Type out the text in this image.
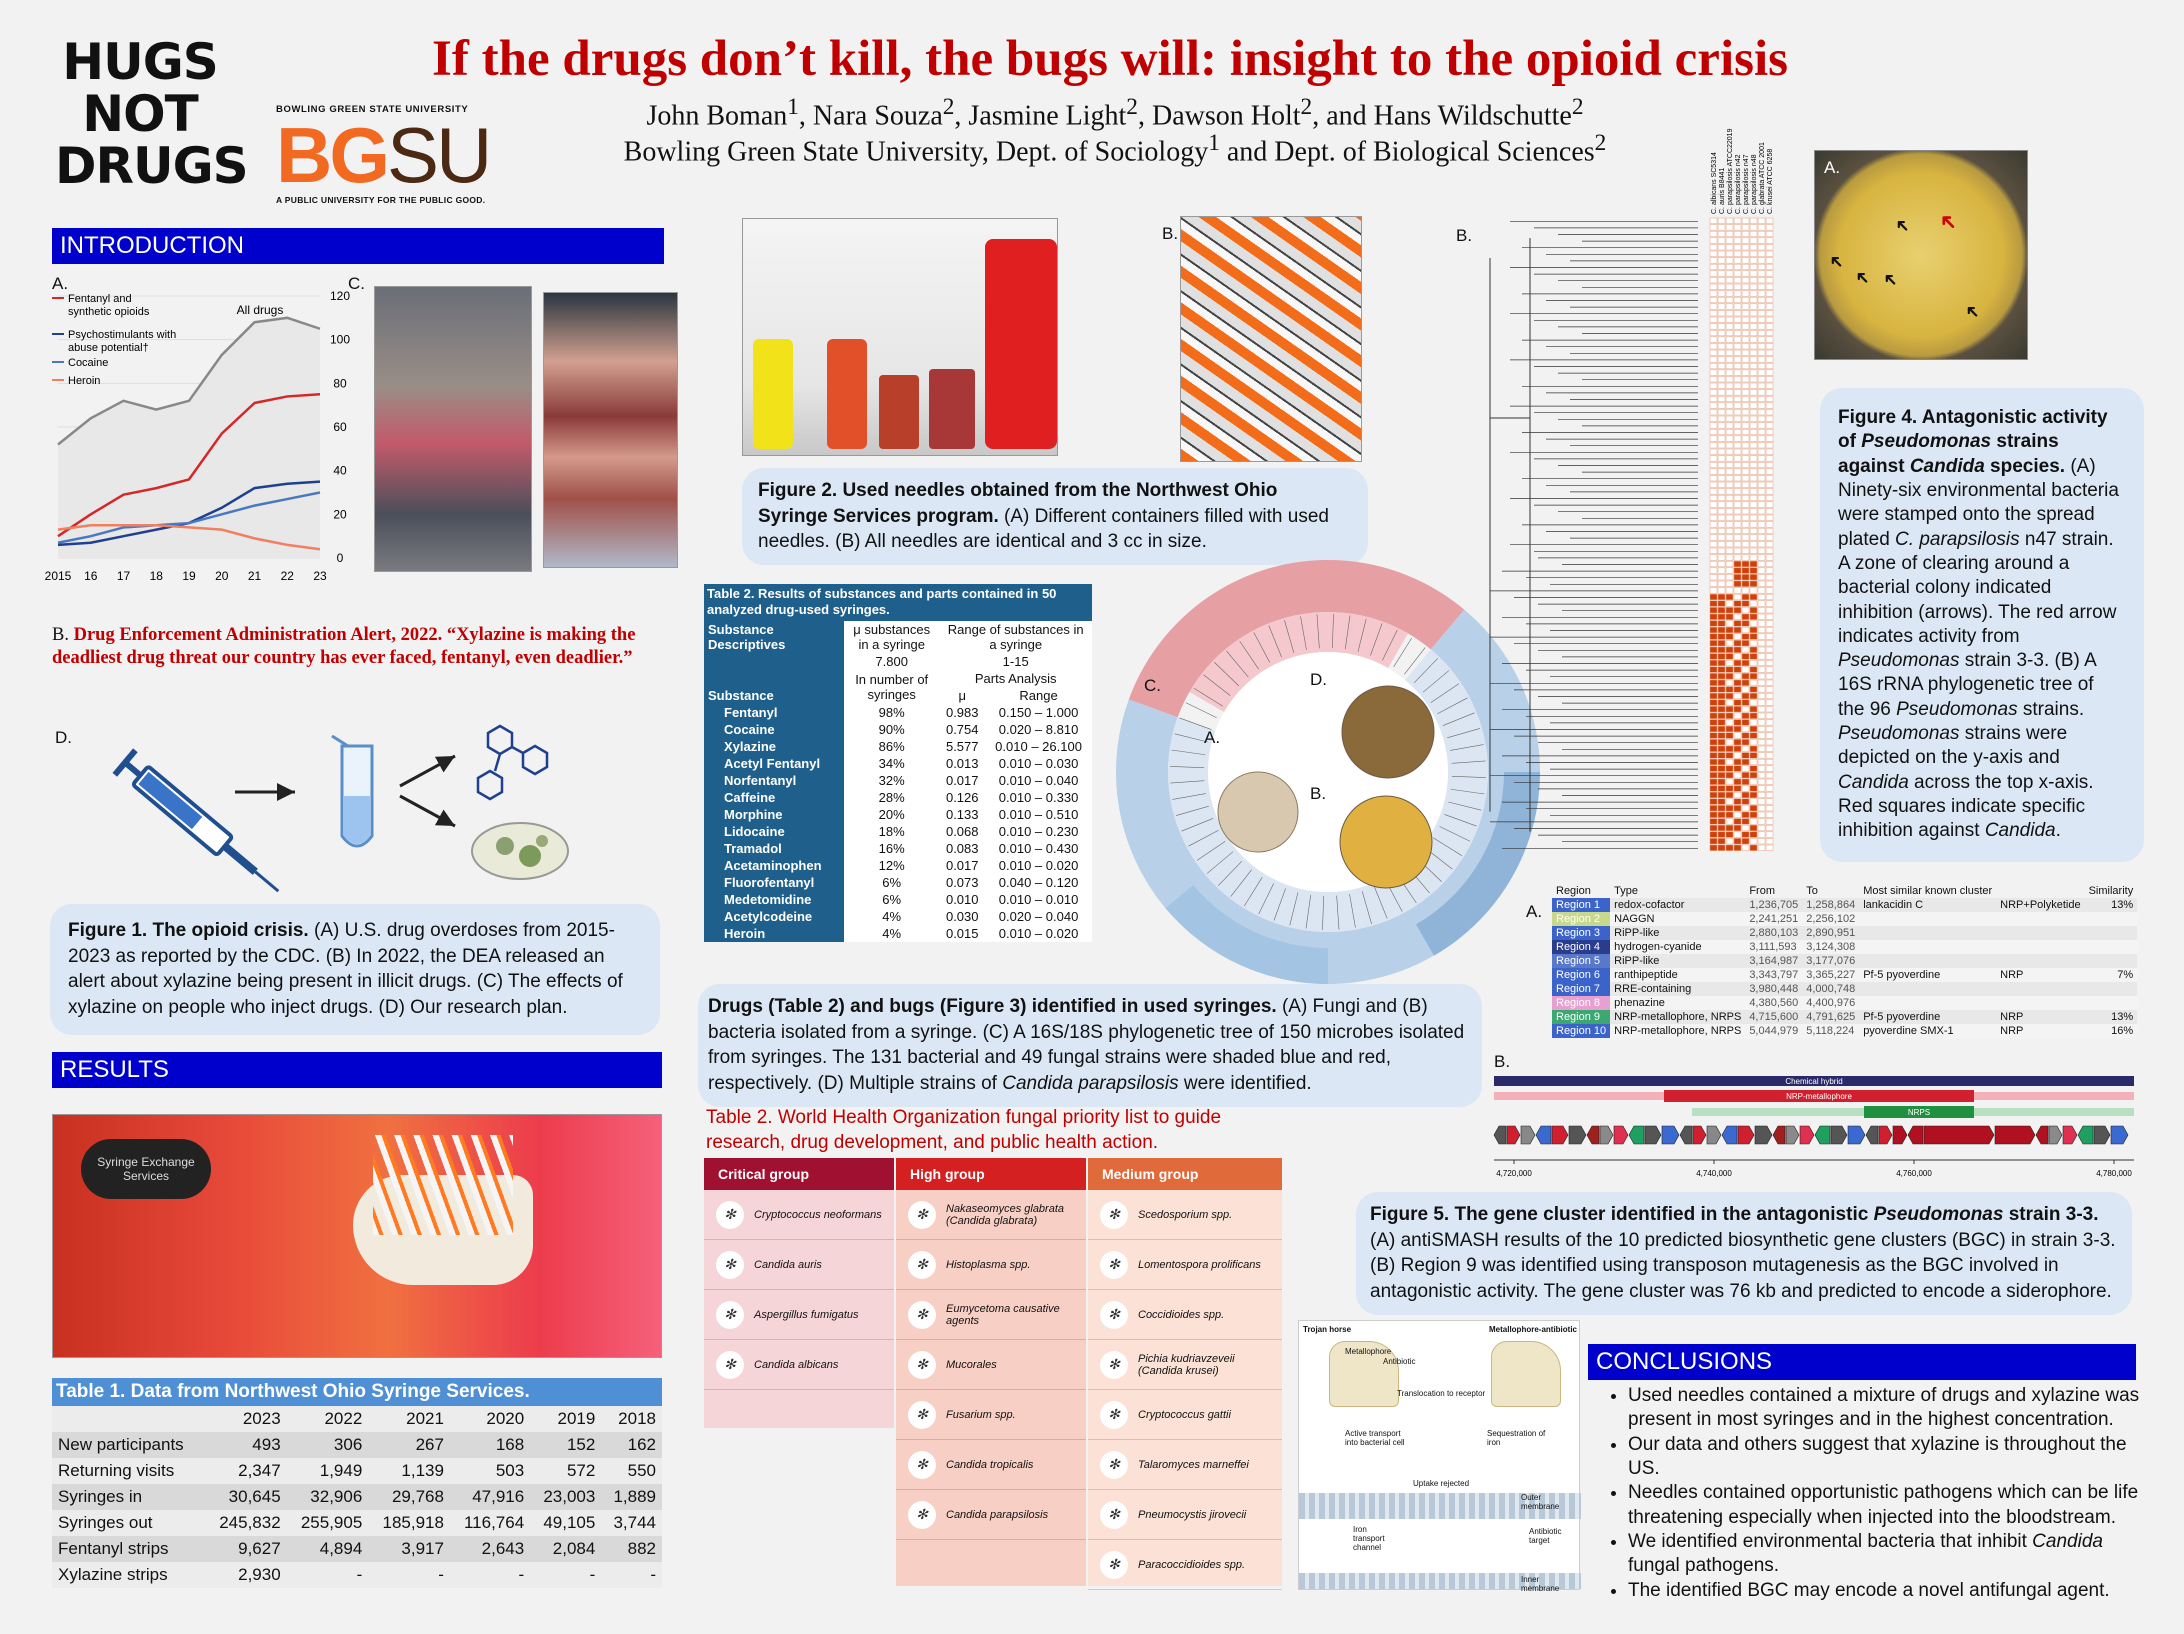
HUGS
NOT
DRUGS
BOWLING GREEN STATE UNIVERSITY
BGSU
A PUBLIC UNIVERSITY FOR THE PUBLIC GOOD.
If the drugs don’t kill, the bugs will: insight to the opioid crisis
John Boman$^1$, Nara Souza$^2$, Jasmine Light$^2$, Dawson Holt$^2$, and Hans Wildschutte$^2$
Bowling Green State University, Dept. of Sociology$^1$ and Dept. of Biological Sciences$^2$
INTRODUCTION
A.
0
20
40
60
80
100
120
2015 16 17 18 19 20 21 22 23
All drugs
Fentanyl and
synthetic opioids
Psychostimulants with
abuse potential†
Cocaine
Heroin
C.
B. Drug Enforcement Administration Alert, 2022. “Xylazine is making the deadliest drug threat our country has ever faced, fentanyl, even deadlier.”
D.
Figure 1. The opioid crisis. (A) U.S. drug overdoses from 2015-2023 as reported by the CDC. (B) In 2022, the DEA released an alert about xylazine being present in illicit drugs. (C) The effects of xylazine on people who inject drugs. (D) Our research plan.
RESULTS
Syringe Exchange Services
Table 1. Data from Northwest Ohio Syringe Services.
	2023	2022	2021	2020	2019	2018
New participants	493	306	267	168	152	162
Returning visits	2,347	1,949	1,139	503	572	550
Syringes in	30,645	32,906	29,768	47,916	23,003	1,889
Syringes out	245,832	255,905	185,918	116,764	49,105	3,744
Fentanyl strips	9,627	4,894	3,917	2,643	2,084	882
Xylazine strips	2,930	-	-	-	-	-
B.
Figure 2. Used needles obtained from the Northwest Ohio Syringe Services program. (A) Different containers filled with used needles. (B) All needles are identical and 3 cc in size.
Table 2. Results of substances and parts contained in 50 analyzed drug-used syringes.
Substance Descriptives	μ substances in a syringe	Range of substances in a syringe	
	7.800	1-15	
	In number of syringes	Parts Analysis	
Substance		μ	Range
Fentanyl	98%	0.983	0.150 – 1.000
Cocaine	90%	0.754	0.020 – 8.810
Xylazine	86%	5.577	0.010 – 26.100
Acetyl Fentanyl	34%	0.013	0.010 – 0.030
Norfentanyl	32%	0.017	0.010 – 0.040
Caffeine	28%	0.126	0.010 – 0.330
Morphine	20%	0.133	0.010 – 0.510
Lidocaine	18%	0.068	0.010 – 0.230
Tramadol	16%	0.083	0.010 – 0.430
Acetaminophen	12%	0.017	0.010 – 0.020
Fluorofentanyl	6%	0.073	0.040 – 0.120
Medetomidine	6%	0.010	0.010 – 0.010
Acetylcodeine	4%	0.030	0.020 – 0.040
Heroin	4%	0.015	0.010 – 0.020
C.
A.
D.
B.
Drugs (Table 2) and bugs (Figure 3) identified in used syringes. (A) Fungi and (B) bacteria isolated from a syringe. (C) A 16S/18S phylogenetic tree of 150 microbes isolated from syringes. The 131 bacterial and 49 fungal strains were shaded blue and red, respectively. (D) Multiple strains of Candida parapsilosis were identified.
Table 2. World Health Organization fungal priority list to guide research, drug development, and public health action.
Critical group
✻	Cryptococcus neoformans
✻	Candida auris
✻	Aspergillus fumigatus
✻	Candida albicans
High group
✻	Nakaseomyces glabrata (Candida glabrata)
✻	Histoplasma spp.
✻	Eumycetoma causative agents
✻	Mucorales
✻	Fusarium spp.
✻	Candida tropicalis
✻	Candida parapsilosis
Medium group
✻	Scedosporium spp.
✻	Lomentospora prolificans
✻	Coccidioides spp.
✻	Pichia kudriavzeveii (Candida krusei)
✻	Cryptococcus gattii
✻	Talaromyces marneffei
✻	Pneumocystis jirovecii
✻	Paracoccidioides spp.
B.
C. albicans SC5314 C. auris B8441 C. parapsilosis ATCC22019 C. parapsilosis n42 C. parapsilosis n47 C. parapsilosis n48 C. glabrata ATCC 2001 C. krusei ATCC 6258	A.
➜
➜
➜
➜ ➜
➜
Figure 4. Antagonistic activity of Pseudomonas strains against Candida species. (A) Ninety-six environmental bacteria were stamped onto the spread plated C. parapsilosis n47 strain. A zone of clearing around a bacterial colony indicated inhibition (arrows). The red arrow indicates activity from Pseudomonas strain 3-3. (B) A 16S rRNA phylogenetic tree of the 96 Pseudomonas strains. Pseudomonas strains were depicted on the y-axis and Candida across the top x-axis. Red squares indicate specific inhibition against Candida.
A.
Region	Type	From	To	Most similar known cluster		Similarity
Region 1	redox-cofactor	1,236,705	1,258,864	lankacidin C	NRP+Polyketide	13%
Region 2	NAGGN	2,241,251	2,256,102			
Region 3	RiPP-like	2,880,103	2,890,951			
Region 4	hydrogen-cyanide	3,111,593	3,124,308			
Region 5	RiPP-like	3,164,987	3,177,076			
Region 6	ranthipeptide	3,343,797	3,365,227	Pf-5 pyoverdine	NRP	7%
Region 7	RRE-containing	3,980,448	4,000,748			
Region 8	phenazine	4,380,560	4,400,976			
Region 9	NRP-metallophore, NRPS	4,715,600	4,791,625	Pf-5 pyoverdine	NRP	13%
Region 10	NRP-metallophore, NRPS	5,044,979	5,118,224	pyoverdine SMX-1	NRP	16%
B.
Chemical hybrid
NRP-metallophore
NRPS
4,720,000	4,740,000	4,760,000	4,780,000
Figure 5. The gene cluster identified in the antagonistic Pseudomonas strain 3-3. (A) antiSMASH results of the 10 predicted biosynthetic gene clusters (BGC) in strain 3-3. (B) Region 9 was identified using transposon mutagenesis as the BGC involved in antagonistic activity. The gene cluster was 76 kb and predicted to encode a siderophore.
Trojan horse	Metallophore-antibiotic
Metallophore
Antibiotic
Translocation to receptor
Active transport into bacterial cell
Uptake rejected
Sequestration of iron
Outer membrane
Iron transport channel
Antibiotic target
Inner membrane
CONCLUSIONS
• Used needles contained a mixture of drugs and xylazine was present in most syringes and in the highest concentration.
• Our data and others suggest that xylazine is throughout the US.
• Needles contained opportunistic pathogens which can be life threatening especially when injected into the bloodstream.
• We identified environmental bacteria that inhibit Candida fungal pathogens.
• The identified BGC may encode a novel antifungal agent.
